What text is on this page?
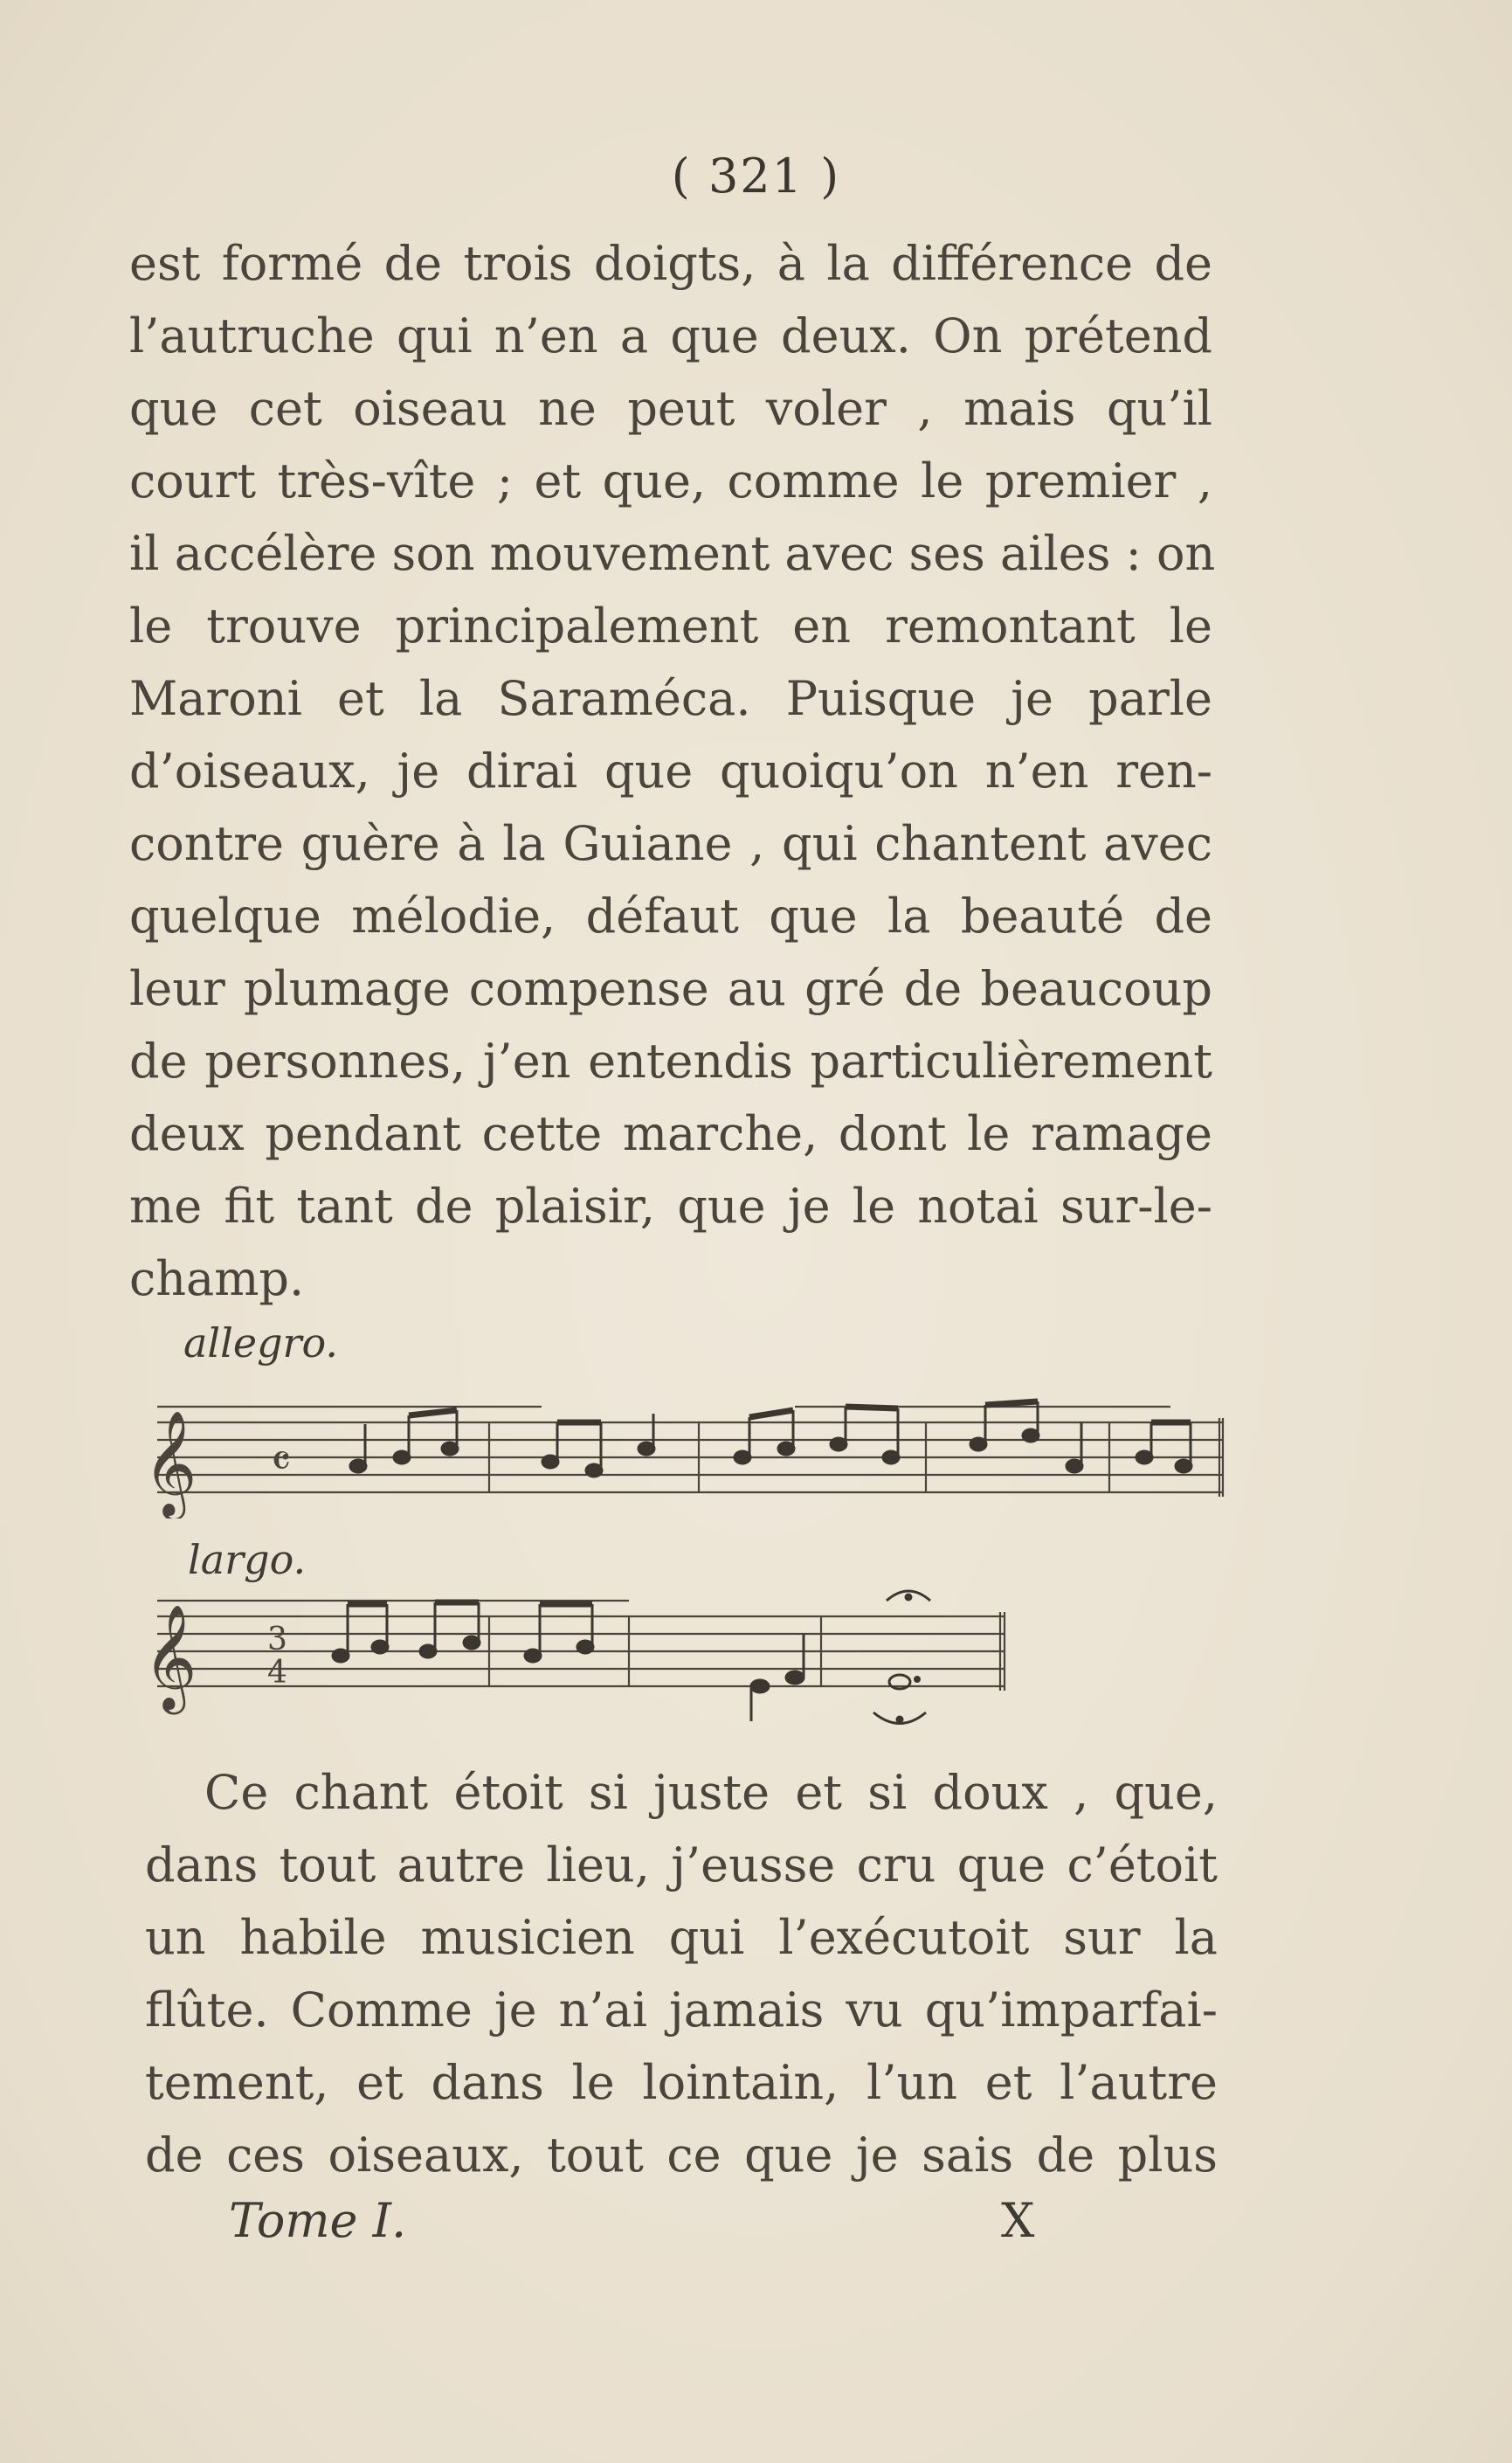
( 321 )
est formé de trois doigts, à la différence de
l’autruche qui n’en a que deux. On prétend
que cet oiseau ne peut voler , mais qu’il
court très-vîte ; et que, comme le premier ,
il accélère son mouvement avec ses ailes : on
le trouve principalement en remontant le
Maroni et la Saraméca. Puisque je parle
d’oiseaux, je dirai que quoiqu’on n’en ren-
contre guère à la Guiane , qui chantent avec
quelque mélodie, défaut que la beauté de
leur plumage compense au gré de beaucoup
de personnes, j’en entendis particulièrement
deux pendant cette marche, dont le ramage
me fit tant de plaisir, que je le notai sur-le-
champ.
allegro.
𝄞 𝄴
largo.
𝄞 3
4
Ce chant étoit si juste et si doux , que,
dans tout autre lieu, j’eusse cru que c’étoit
un habile musicien qui l’exécutoit sur la
flûte. Comme je n’ai jamais vu qu’imparfai-
tement, et dans le lointain, l’un et l’autre
de ces oiseaux, tout ce que je sais de plus
Tome I.	X
